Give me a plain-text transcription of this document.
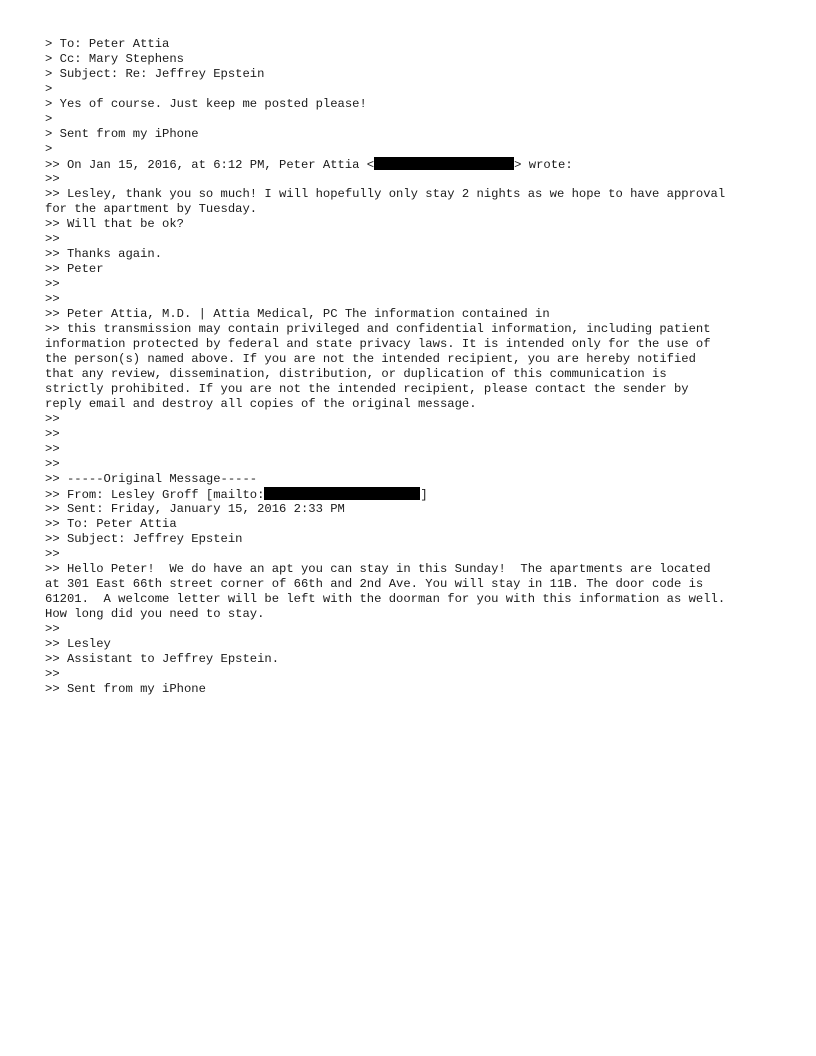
> To: Peter Attia
> Cc: Mary Stephens
> Subject: Re: Jeffrey Epstein
>
> Yes of course. Just keep me posted please!
>
> Sent from my iPhone
>
>> On Jan 15, 2016, at 6:12 PM, Peter Attia <	> wrote:
>>
>> Lesley, thank you so much! I will hopefully only stay 2 nights as we hope to have approval
for the apartment by Tuesday.
>> Will that be ok?
>>
>> Thanks again.
>> Peter
>>
>>
>> Peter Attia, M.D. | Attia Medical, PC The information contained in
>> this transmission may contain privileged and confidential information, including patient
information protected by federal and state privacy laws. It is intended only for the use of
the person(s) named above. If you are not the intended recipient, you are hereby notified
that any review, dissemination, distribution, or duplication of this communication is
strictly prohibited. If you are not the intended recipient, please contact the sender by
reply email and destroy all copies of the original message.
>>
>>
>>
>>
>> -----Original Message-----
>> From: Lesley Groff [mailto:	]
>> Sent: Friday, January 15, 2016 2:33 PM
>> To: Peter Attia
>> Subject: Jeffrey Epstein
>>
>> Hello Peter!  We do have an apt you can stay in this Sunday!  The apartments are located
at 301 East 66th street corner of 66th and 2nd Ave. You will stay in 11B. The door code is
61201.  A welcome letter will be left with the doorman for you with this information as well.
How long did you need to stay.
>>
>> Lesley
>> Assistant to Jeffrey Epstein.
>>
>> Sent from my iPhone
